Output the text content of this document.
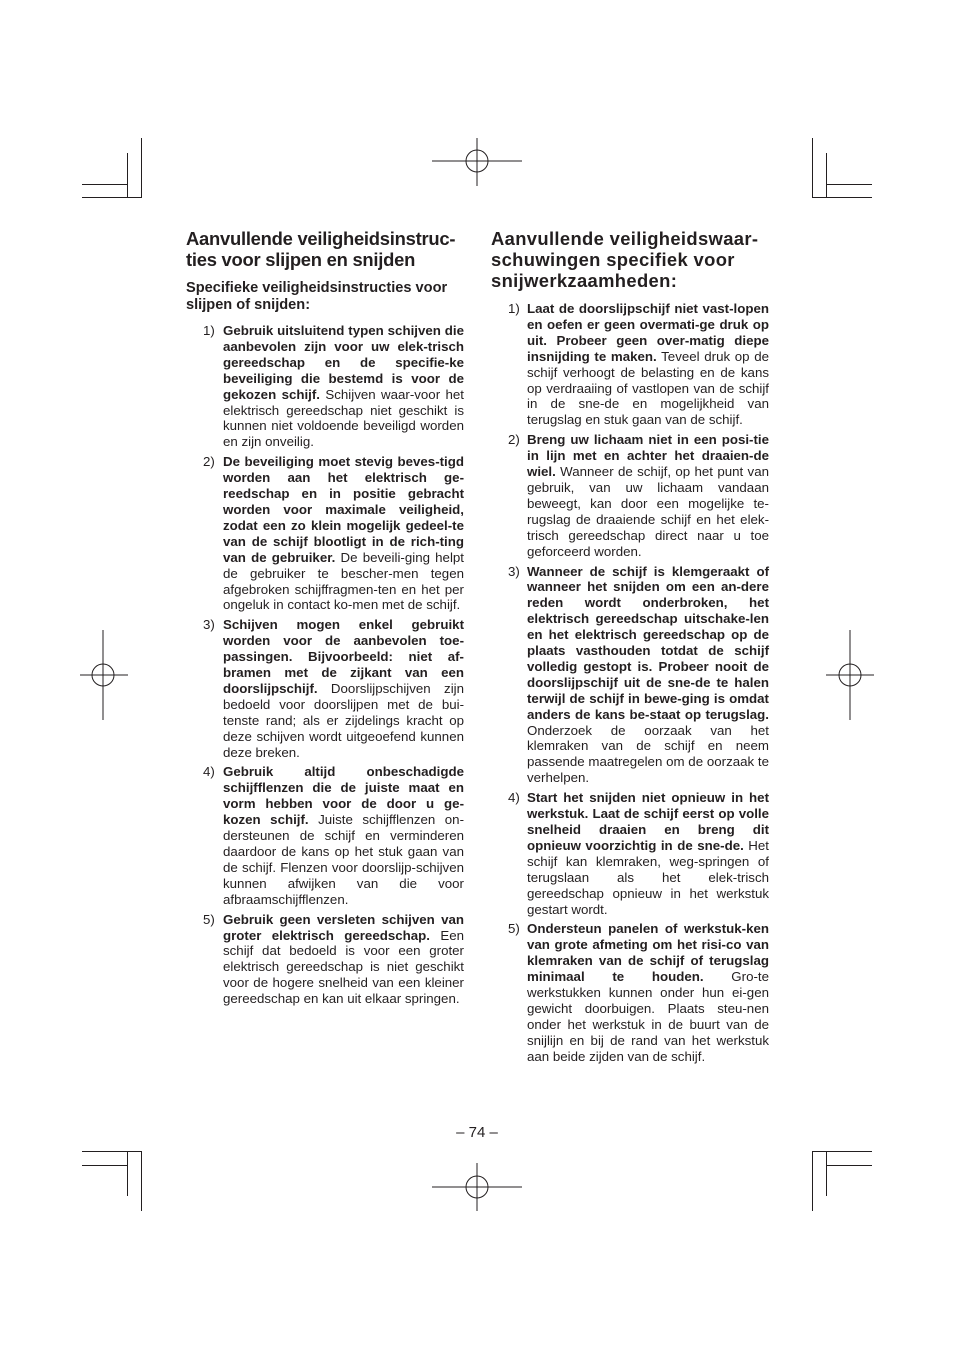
Aanvullende veiligheidsinstruc-ties voor slijpen en snijden
Specifieke veiligheidsinstructies voor slijpen of snijden:
1) Gebruik uitsluitend typen schijven die aanbevolen zijn voor uw elek-trisch gereedschap en de specifie-ke beveiliging die bestemd is voor de gekozen schijf. Schijven waar-voor het elektrisch gereedschap niet geschikt is kunnen niet voldoende beveiligd worden en zijn onveilig.
2) De beveiliging moet stevig beves-tigd worden aan het elektrisch ge-reedschap en in positie gebracht worden voor maximale veiligheid, zodat een zo klein mogelijk gedeel-te van de schijf blootligt in de rich-ting van de gebruiker. De beveili-ging helpt de gebruiker te bescher-men tegen afgebroken schijffragmen-ten en het per ongeluk in contact ko-men met de schijf.
3) Schijven mogen enkel gebruikt worden voor de aanbevolen toe-passingen. Bijvoorbeeld: niet af-bramen met de zijkant van een doorslijpschijf. Doorslijpschijven zijn bedoeld voor doorslijpen met de bui-tenste rand; als er zijdelings kracht op deze schijven wordt uitgeoefend kunnen deze breken.
4) Gebruik altijd onbeschadigde schijfflenzen die de juiste maat en vorm hebben voor de door u ge-kozen schijf. Juiste schijfflenzen on-dersteunen de schijf en verminderen daardoor de kans op het stuk gaan van de schijf. Flenzen voor doorslijp-schijven kunnen afwijken van die voor afbraamschijfflenzen.
5) Gebruik geen versleten schijven van groter elektrisch gereedschap. Een schijf dat bedoeld is voor een groter elektrisch gereedschap is niet geschikt voor de hogere snelheid van een kleiner gereedschap en kan uit elkaar springen.
Aanvullende veiligheidswaar-schuwingen specifiek voor snijwerkzaamheden:
1) Laat de doorslijpschijf niet vast-lopen en oefen er geen overmati-ge druk op uit. Probeer geen over-matig diepe insnijding te maken. Teveel druk op de schijf verhoogt de belasting en de kans op verdraaiing of vastlopen van de schijf in de sne-de en mogelijkheid van terugslag en stuk gaan van de schijf.
2) Breng uw lichaam niet in een posi-tie in lijn met en achter het draaien-de wiel. Wanneer de schijf, op het punt van gebruik, van uw lichaam vandaan beweegt, kan door een mogelijke te-rugslag de draaiende schijf en het elek-trisch gereedschap direct naar u toe geforceerd worden.
3) Wanneer de schijf is klemgeraakt of wanneer het snijden om een an-dere reden wordt onderbroken, het elektrisch gereedschap uitschake-len en het elektrisch gereedschap op de plaats vasthouden totdat de schijf volledig gestopt is. Probeer nooit de doorslijpschijf uit de sne-de te halen terwijl de schijf in bewe-ging is omdat anders de kans be-staat op terugslag. Onderzoek de oorzaak van het klemraken van de schijf en neem passende maatregelen om de oorzaak te verhelpen.
4) Start het snijden niet opnieuw in het werkstuk. Laat de schijf eerst op volle snelheid draaien en breng dit opnieuw voorzichtig in de sne-de. Het schijf kan klemraken, weg-springen of terugslaan als het elek-trisch gereedschap opnieuw in het werkstuk gestart wordt.
5) Ondersteun panelen of werkstuk-ken van grote afmeting om het risi-co van klemraken van de schijf of terugslag minimaal te houden. Gro-te werkstukken kunnen onder hun ei-gen gewicht doorbuigen. Plaats steu-nen onder het werkstuk in de buurt van de snijlijn en bij de rand van het werkstuk aan beide zijden van de schijf.
– 74 –
